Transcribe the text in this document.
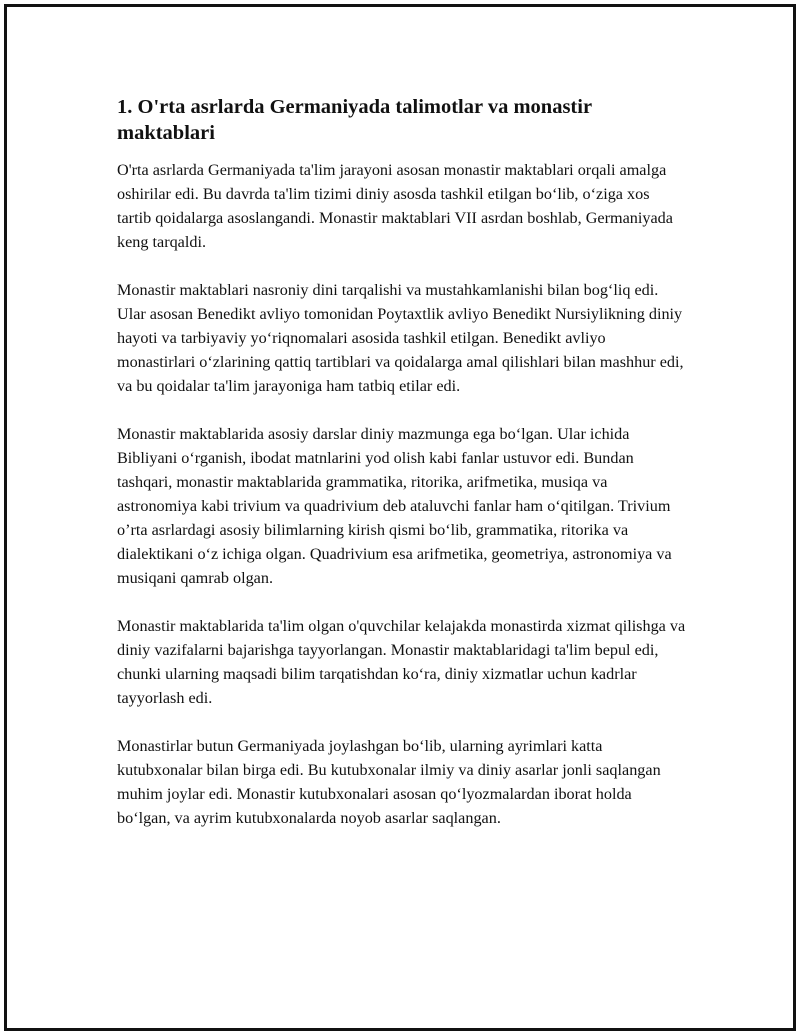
1. O'rta asrlarda Germaniyada talimotlar va monastir maktablari

O'rta asrlarda Germaniyada ta'lim jarayoni asosan monastir maktablari orqali amalga oshirilar edi. Bu davrda ta'lim tizimi diniy asosda tashkil etilgan bo‘lib, o‘ziga xos tartib qoidalarga asoslangandi. Monastir maktablari VII asrdan boshlab, Germaniyada keng tarqaldi.

Monastir maktablari nasroniy dini tarqalishi va mustahkamlanishi bilan bog‘liq edi. Ular asosan Benedikt avliyo tomonidan Poytaxtlik avliyo Benedikt Nursiylikning diniy hayoti va tarbiyaviy yo‘riqnomalari asosida tashkil etilgan. Benedikt avliyo monastirlari o‘zlarining qattiq tartiblari va qoidalarga amal qilishlari bilan mashhur edi, va bu qoidalar ta'lim jarayoniga ham tatbiq etilar edi.

Monastir maktablarida asosiy darslar diniy mazmunga ega bo‘lgan. Ular ichida Bibliyani o‘rganish, ibodat matnlarini yod olish kabi fanlar ustuvor edi. Bundan tashqari, monastir maktablarida grammatika, ritorika, arifmetika, musiqa va astronomiya kabi trivium va quadrivium deb ataluvchi fanlar ham o‘qitilgan. Trivium o’rta asrlardagi asosiy bilimlarning kirish qismi bo‘lib, grammatika, ritorika va dialektikani o‘z ichiga olgan. Quadrivium esa arifmetika, geometriya, astronomiya va musiqani qamrab olgan.

Monastir maktablarida ta'lim olgan o'quvchilar kelajakda monastirda xizmat qilishga va diniy vazifalarni bajarishga tayyorlangan. Monastir maktablaridagi ta'lim bepul edi, chunki ularning maqsadi bilim tarqatishdan ko‘ra, diniy xizmatlar uchun kadrlar tayyorlash edi.

Monastirlar butun Germaniyada joylashgan bo‘lib, ularning ayrimlari katta kutubxonalar bilan birga edi. Bu kutubxonalar ilmiy va diniy asarlar jonli saqlangan muhim joylar edi. Monastir kutubxonalari asosan qo‘lyozmalardan iborat holda bo‘lgan, va ayrim kutubxonalarda noyob asarlar saqlangan.
